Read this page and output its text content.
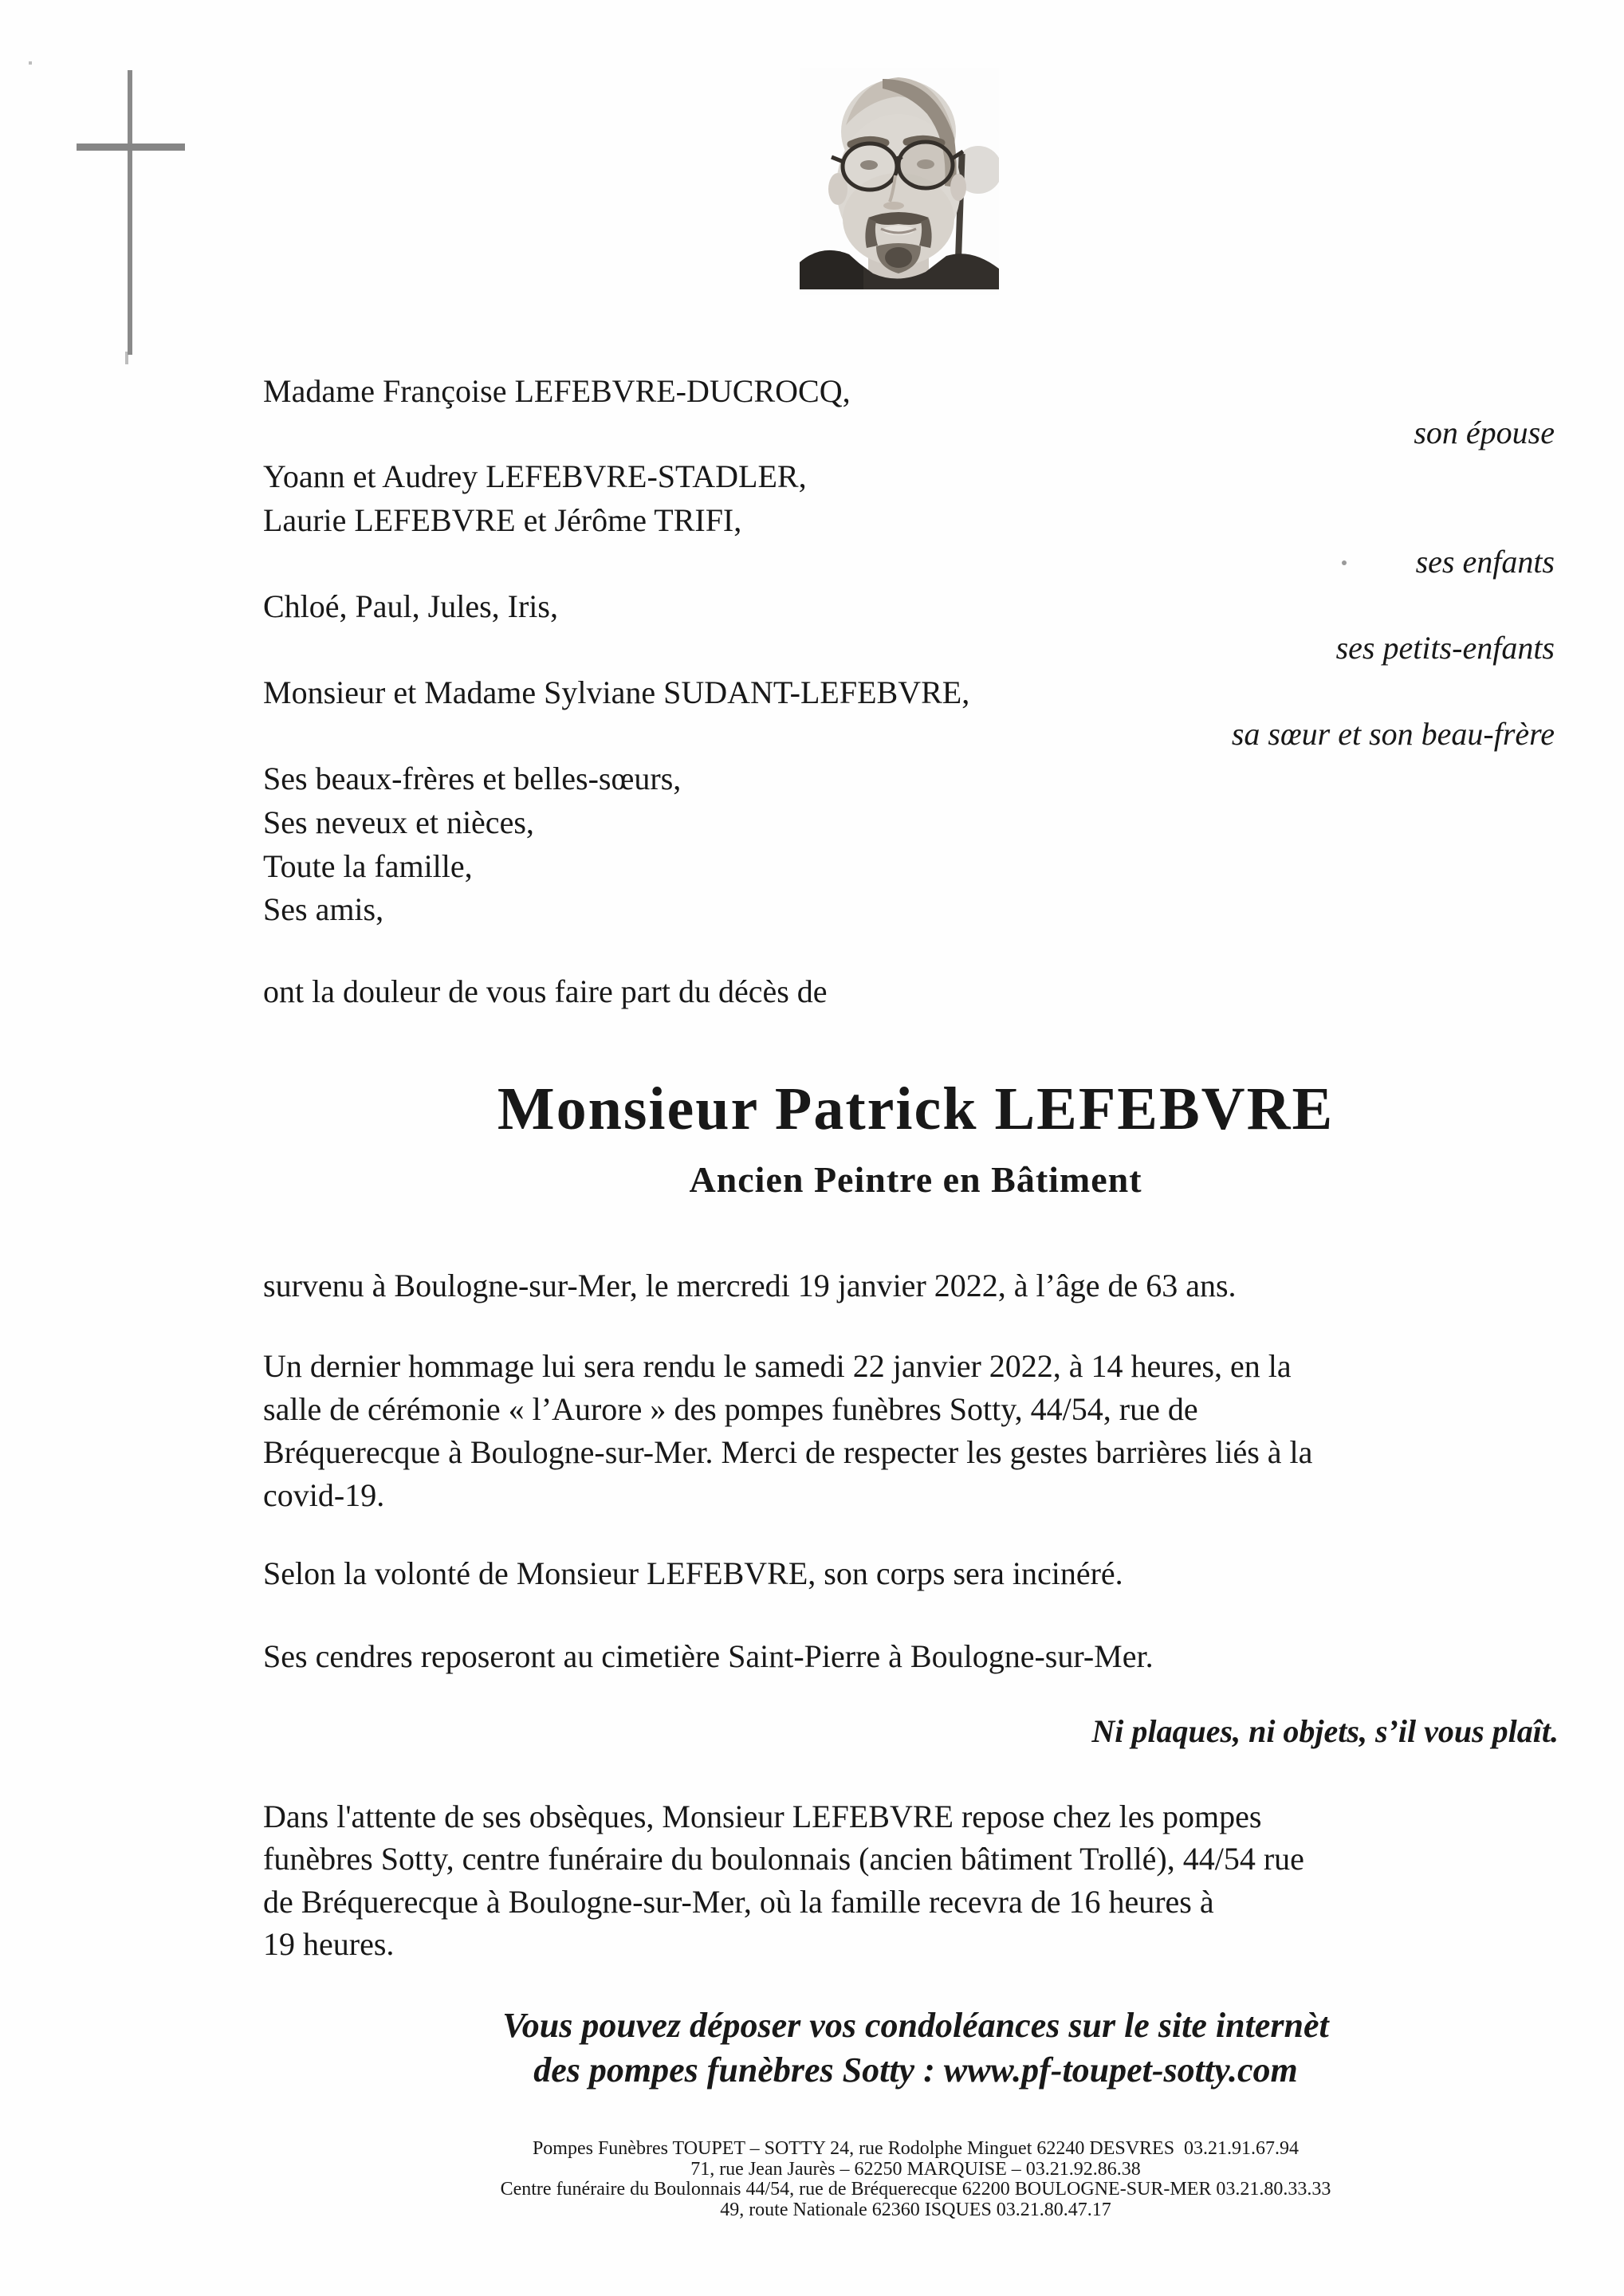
Madame Françoise LEFEBVRE-DUCROCQ,
son épouse
Yoann et Audrey LEFEBVRE-STADLER,
Laurie LEFEBVRE et Jérôme TRIFI,
ses enfants
Chloé, Paul, Jules, Iris,
ses petits-enfants
Monsieur et Madame Sylviane SUDANT-LEFEBVRE,
sa sœur et son beau-frère
Ses beaux-frères et belles-sœurs,
Ses neveux et nièces,
Toute la famille,
Ses amis,
ont la douleur de vous faire part du décès de
Monsieur Patrick LEFEBVRE
Ancien Peintre en Bâtiment
survenu à Boulogne-sur-Mer, le mercredi 19 janvier 2022, à l’âge de 63 ans.
Un dernier hommage lui sera rendu le samedi 22 janvier 2022, à 14 heures, en la
salle de cérémonie « l’Aurore » des pompes funèbres Sotty, 44/54, rue de
Bréquerecque à Boulogne-sur-Mer. Merci de respecter les gestes barrières liés à la
covid-19.
Selon la volonté de Monsieur LEFEBVRE, son corps sera incinéré.
Ses cendres reposeront au cimetière Saint-Pierre à Boulogne-sur-Mer.
Ni plaques, ni objets, s’il vous plaît.
Dans l'attente de ses obsèques, Monsieur LEFEBVRE repose chez les pompes
funèbres Sotty, centre funéraire du boulonnais (ancien bâtiment Trollé), 44/54 rue
de Bréquerecque à Boulogne-sur-Mer, où la famille recevra de 16 heures à
19 heures.
Vous pouvez déposer vos condoléances sur le site internèt
des pompes funèbres Sotty : www.pf-toupet-sotty.com
Pompes Funèbres TOUPET – SOTTY 24, rue Rodolphe Minguet 62240 DESVRES  03.21.91.67.94
71, rue Jean Jaurès – 62250 MARQUISE – 03.21.92.86.38
Centre funéraire du Boulonnais 44/54, rue de Bréquerecque 62200 BOULOGNE-SUR-MER 03.21.80.33.33
49, route Nationale 62360 ISQUES 03.21.80.47.17
